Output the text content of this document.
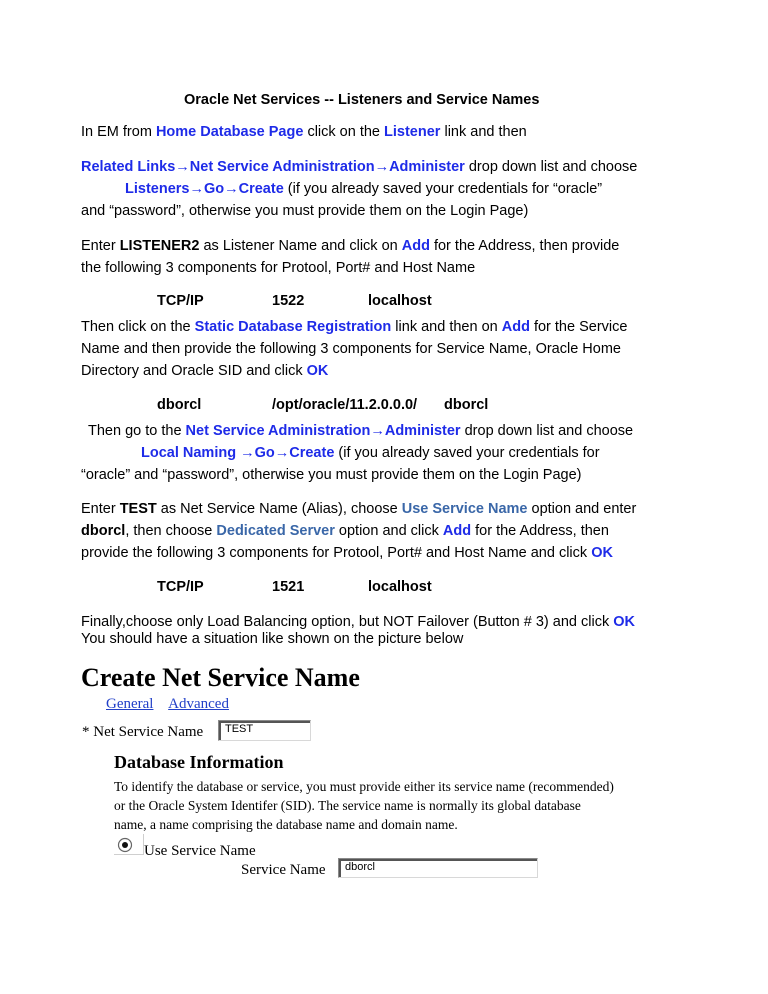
Oracle Net Services -- Listeners and Service Names
In EM from Home Database Page click on the Listener link and then
Related Links→Net Service Administration→Administer drop down list and choose
Listeners→Go→Create (if you already saved your credentials for “oracle”
and “password”, otherwise you must provide them on the Login Page)
Enter LISTENER2 as Listener Name and click on Add for the Address, then provide
the following 3 components for Protool, Port# and Host Name
TCP/IP	1522	localhost
Then click on the Static Database Registration link and then on Add for the Service
Name and then provide the following 3 components for Service Name, Oracle Home
Directory and Oracle SID and click OK
dborcl	/opt/oracle/11.2.0.0.0/ dborcl
Then go to the Net Service Administration→Administer drop down list and choose
Local Naming →Go→Create (if you already saved your credentials for
“oracle” and “password”, otherwise you must provide them on the Login Page)
Enter TEST as Net Service Name (Alias), choose Use Service Name option and enter
dborcl, then choose Dedicated Server option and click Add for the Address, then
provide the following 3 components for Protool, Port# and Host Name and click OK
TCP/IP	1521	localhost
Finally,choose only Load Balancing option, but NOT Failover (Button # 3) and click OK
You should have a situation like shown on the picture below
Create Net Service Name
General Advanced
* Net Service Name	TEST
Database Information
To identify the database or service, you must provide either its service name (recommended)
or the Oracle System Identifer (SID). The service name is normally its global database
name, a name comprising the database name and domain name.
Use Service Name
Service Name	dborcl
